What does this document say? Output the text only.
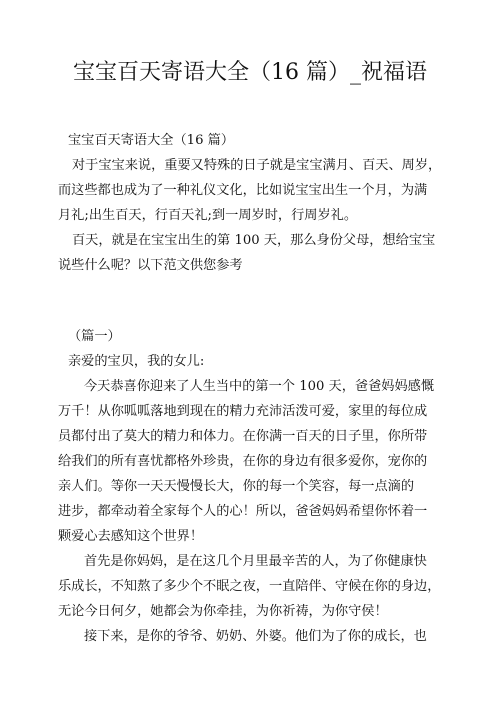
宝宝百天寄语大全（16 篇）_祝福语
宝宝百天寄语大全（16 篇）
对于宝宝来说，重要又特殊的日子就是宝宝满月、百天、周岁，
而这些都也成为了一种礼仪文化，比如说宝宝出生一个月，为满
月礼;出生百天，行百天礼;到一周岁时，行周岁礼。
百天，就是在宝宝出生的第 100 天，那么身份父母，想给宝宝
说些什么呢？以下范文供您参考
（篇一）
亲爱的宝贝，我的女儿:
今天恭喜你迎来了人生当中的第一个 100 天，爸爸妈妈感慨
万千！从你呱呱落地到现在的精力充沛活泼可爱，家里的每位成
员都付出了莫大的精力和体力。在你满一百天的日子里，你所带
给我们的所有喜忧都格外珍贵，在你的身边有很多爱你，宠你的
亲人们。等你一天天慢慢长大，你的每一个笑容，每一点滴的
进步，都牵动着全家每个人的心！所以，爸爸妈妈希望你怀着一
颗爱心去感知这个世界！
首先是你妈妈，是在这几个月里最辛苦的人，为了你健康快
乐成长，不知熬了多少个不眠之夜，一直陪伴、守候在你的身边，
无论今日何夕，她都会为你牵挂，为你祈祷，为你守侯！
接下来，是你的爷爷、奶奶、外婆。他们为了你的成长，也
